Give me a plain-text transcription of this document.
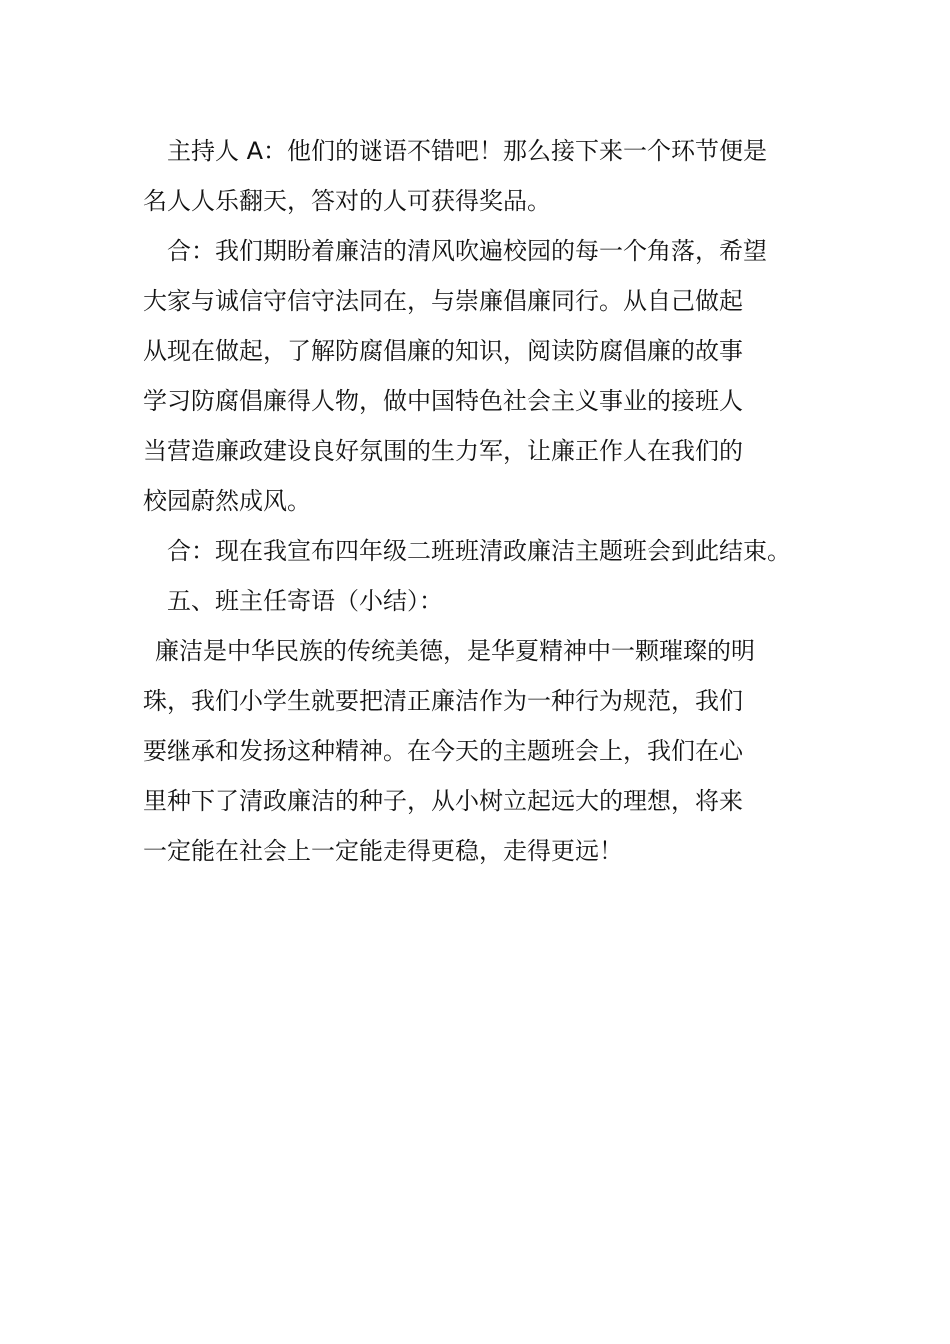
主持人 A：他们的谜语不错吧！那么接下来一个环节便是
名人人乐翻天，答对的人可获得奖品。
合：我们期盼着廉洁的清风吹遍校园的每一个角落，希望
大家与诚信守信守法同在，与崇廉倡廉同行。从自己做起
从现在做起，了解防腐倡廉的知识，阅读防腐倡廉的故事
学习防腐倡廉得人物，做中国特色社会主义事业的接班人
当营造廉政建设良好氛围的生力军，让廉正作人在我们的
校园蔚然成风。
合：现在我宣布四年级二班班清政廉洁主题班会到此结束。
五、班主任寄语（小结）：
廉洁是中华民族的传统美德，是华夏精神中一颗璀璨的明
珠，我们小学生就要把清正廉洁作为一种行为规范，我们
要继承和发扬这种精神。在今天的主题班会上，我们在心
里种下了清政廉洁的种子，从小树立起远大的理想，将来
一定能在社会上一定能走得更稳，走得更远！
